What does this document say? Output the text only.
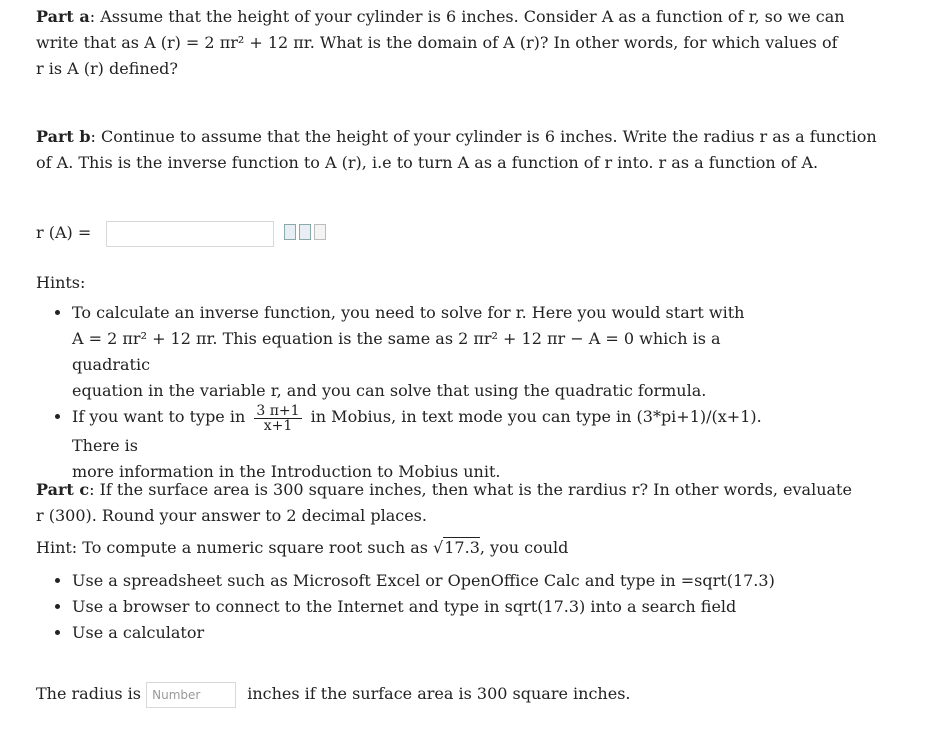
Part a: Assume that the height of your cylinder is 6 inches. Consider A as a function of r, so we can
write that as A (r) = 2 πr² + 12 πr. What is the domain of A (r)? In other words, for which values of
r is A (r) defined?
Part b: Continue to assume that the height of your cylinder is 6 inches. Write the radius r as a function
of A. This is the inverse function to A (r), i.e to turn A as a function of r into. r as a function of A.
r (A) =
Hints:
• To calculate an inverse function, you need to solve for r. Here you would start with
A = 2 πr² + 12 πr. This equation is the same as 2 πr² + 12 πr − A = 0 which is a quadratic
equation in the variable r, and you can solve that using the quadratic formula.
• If you want to type in $\frac{3 \pi+1}{x+1}$ in Mobius, in text mode you can type in (3*pi+1)/(x+1). There is
more information in the Introduction to Mobius unit.
Part c: If the surface area is 300 square inches, then what is the rardius r? In other words, evaluate
r (300). Round your answer to 2 decimal places.
Hint: To compute a numeric square root such as √17.3, you could
• Use a spreadsheet such as Microsoft Excel or OpenOffice Calc and type in =sqrt(17.3)
• Use a browser to connect to the Internet and type in sqrt(17.3) into a search field
• Use a calculator
The radius is Number	inches if the surface area is 300 square inches.
